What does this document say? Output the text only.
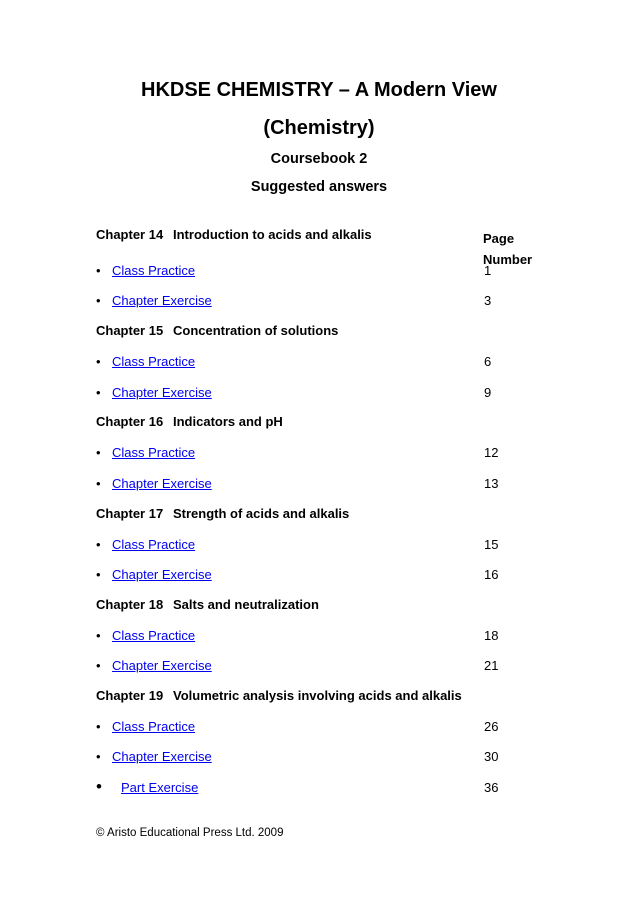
HKDSE CHEMISTRY – A Modern View
(Chemistry)
Coursebook 2
Suggested answers
Page
Number
Chapter 14 Introduction to acids and alkalis
• Class Practice	1
• Chapter Exercise	3
Chapter 15 Concentration of solutions
• Class Practice	6
• Chapter Exercise	9
Chapter 16 Indicators and pH
• Class Practice	12
• Chapter Exercise	13
Chapter 17 Strength of acids and alkalis
• Class Practice	15
• Chapter Exercise	16
Chapter 18 Salts and neutralization
• Class Practice	18
• Chapter Exercise	21
Chapter 19 Volumetric analysis involving acids and alkalis
• Class Practice	26
• Chapter Exercise	30
• Part Exercise	36
© Aristo Educational Press Ltd. 2009
